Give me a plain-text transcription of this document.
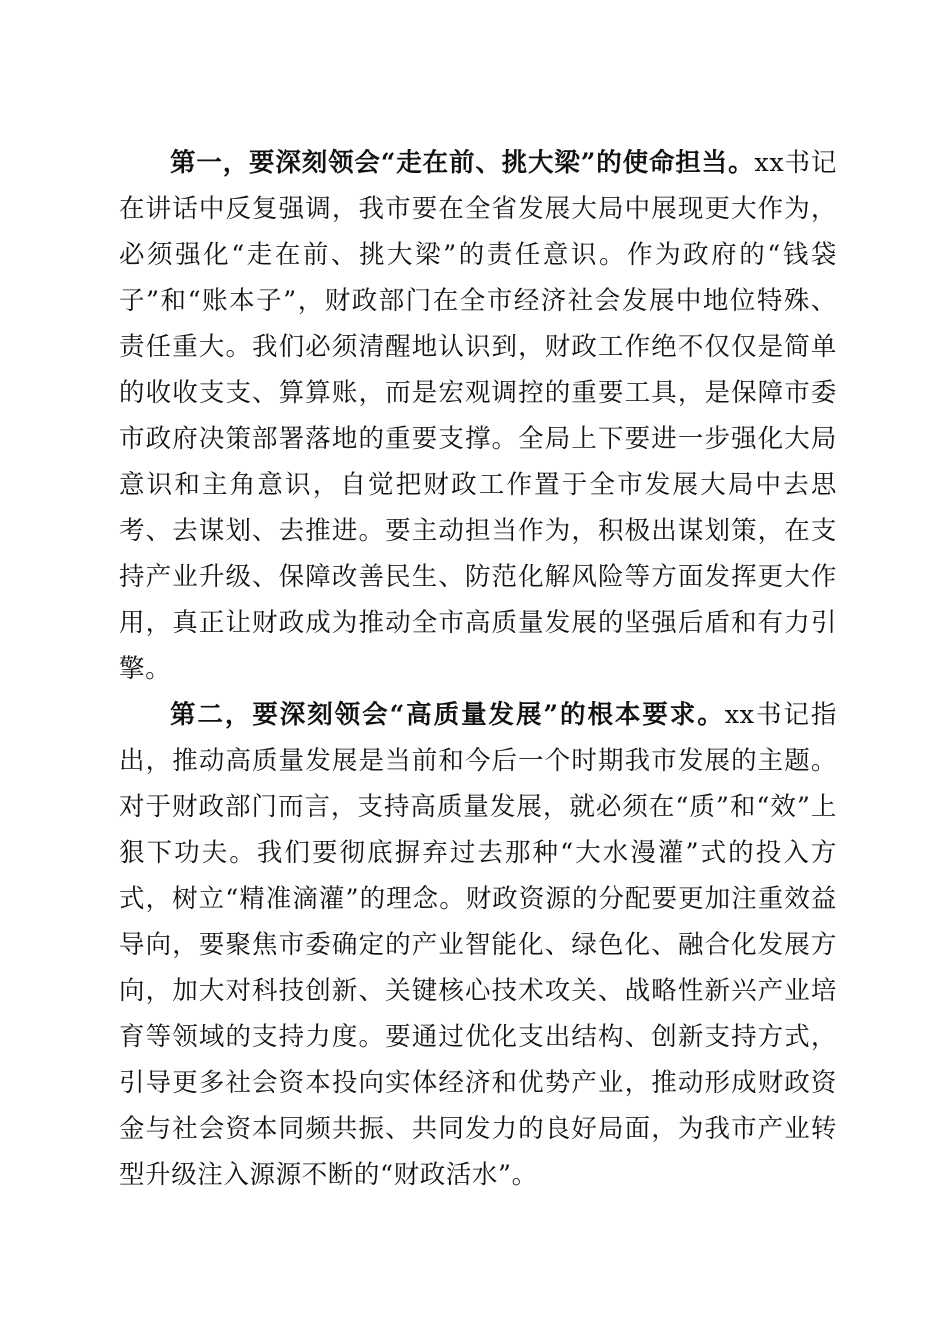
第一，要深刻领会“走在前、挑大梁”的使命担当。xx书记在讲话中反复强调，我市要在全省发展大局中展现更大作为，必须强化“走在前、挑大梁”的责任意识。作为政府的“钱袋子”和“账本子”，财政部门在全市经济社会发展中地位特殊、责任重大。我们必须清醒地认识到，财政工作绝不仅仅是简单的收收支支、算算账，而是宏观调控的重要工具，是保障市委市政府决策部署落地的重要支撑。全局上下要进一步强化大局意识和主角意识，自觉把财政工作置于全市发展大局中去思考、去谋划、去推进。要主动担当作为，积极出谋划策，在支持产业升级、保障改善民生、防范化解风险等方面发挥更大作用，真正让财政成为推动全市高质量发展的坚强后盾和有力引擎。

第二，要深刻领会“高质量发展”的根本要求。xx书记指出，推动高质量发展是当前和今后一个时期我市发展的主题。对于财政部门而言，支持高质量发展，就必须在“质”和“效”上狠下功夫。我们要彻底摒弃过去那种“大水漫灌”式的投入方式，树立“精准滴灌”的理念。财政资源的分配要更加注重效益导向，要聚焦市委确定的产业智能化、绿色化、融合化发展方向，加大对科技创新、关键核心技术攻关、战略性新兴产业培育等领域的支持力度。要通过优化支出结构、创新支持方式，引导更多社会资本投向实体经济和优势产业，推动形成财政资金与社会资本同频共振、共同发力的良好局面，为我市产业转型升级注入源源不断的“财政活水”。
